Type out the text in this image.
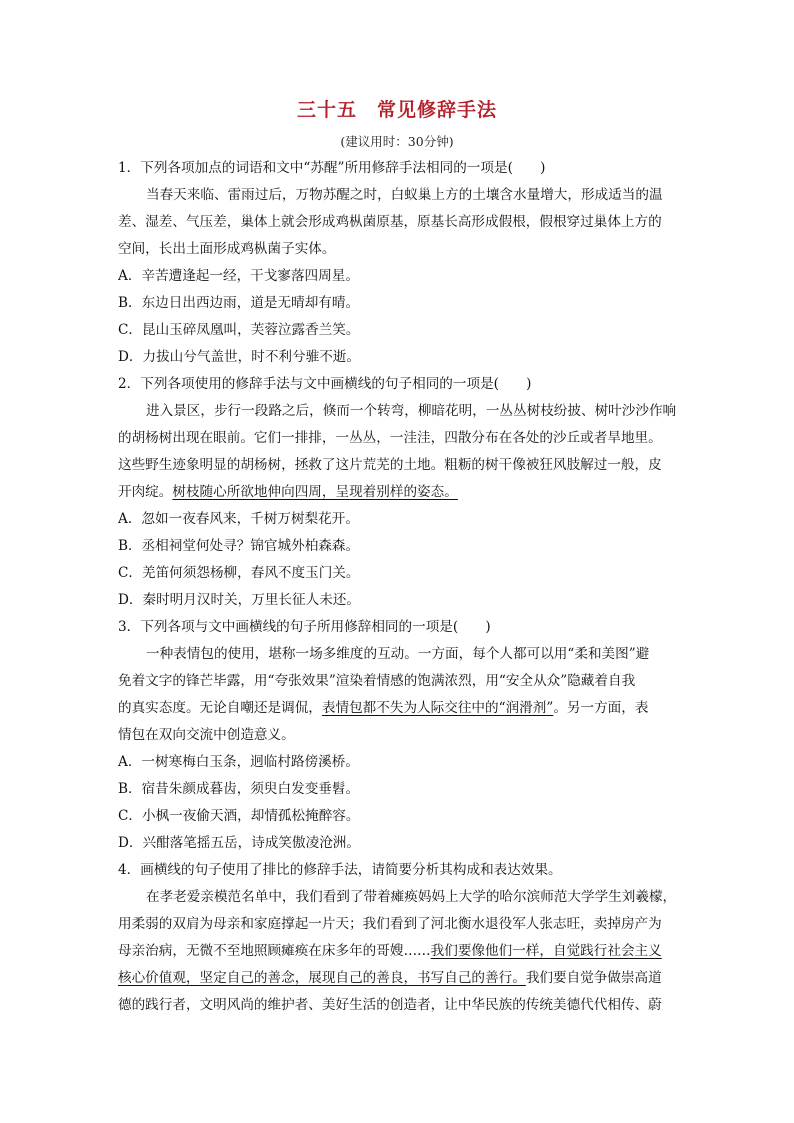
三十五　常见修辞手法
(建议用时：30分钟)
1．下列各项加点的词语和文中“苏醒”所用修辞手法相同的一项是(　　)
当春天来临、雷雨过后，万物苏醒之时，白蚁巢上方的土壤含水量增大，形成适当的温
差、湿差、气压差，巢体上就会形成鸡枞菌原基，原基长高形成假根，假根穿过巢体上方的
空间，长出土面形成鸡枞菌子实体。
A．辛苦遭逢起一经，干戈寥落四周星。
B．东边日出西边雨，道是无晴却有晴。
C．昆山玉碎凤凰叫，芙蓉泣露香兰笑。
D．力拔山兮气盖世，时不利兮骓不逝。
2．下列各项使用的修辞手法与文中画横线的句子相同的一项是(　　)
进入景区，步行一段路之后，倏而一个转弯，柳暗花明，一丛丛树枝纷披、树叶沙沙作响
的胡杨树出现在眼前。它们一排排，一丛丛，一洼洼，四散分布在各处的沙丘或者旱地里。
这些野生迹象明显的胡杨树，拯救了这片荒芜的土地。粗粝的树干像被狂风肢解过一般，皮
开肉绽。树枝随心所欲地伸向四周，呈现着别样的姿态。
A．忽如一夜春风来，千树万树梨花开。
B．丞相祠堂何处寻？锦官城外柏森森。
C．羌笛何须怨杨柳，春风不度玉门关。
D．秦时明月汉时关，万里长征人未还。
3．下列各项与文中画横线的句子所用修辞相同的一项是(　　)
一种表情包的使用，堪称一场多维度的互动。一方面，每个人都可以用“柔和美图”避
免着文字的锋芒毕露，用“夸张效果”渲染着情感的饱满浓烈，用“安全从众”隐藏着自我
的真实态度。无论自嘲还是调侃，表情包都不失为人际交往中的“润滑剂”。另一方面，表
情包在双向交流中创造意义。
A．一树寒梅白玉条，迥临村路傍溪桥。
B．宿昔朱颜成暮齿，须臾白发变垂髫。
C．小枫一夜偷天酒，却情孤松掩醉容。
D．兴酣落笔摇五岳，诗成笑傲凌沧洲。
4．画横线的句子使用了排比的修辞手法，请简要分析其构成和表达效果。
在孝老爱亲模范名单中，我们看到了带着瘫痪妈妈上大学的哈尔滨师范大学学生刘羲檬，
用柔弱的双肩为母亲和家庭撑起一片天；我们看到了河北衡水退役军人张志旺，卖掉房产为
母亲治病，无微不至地照顾瘫痪在床多年的哥嫂……我们要像他们一样，自觉践行社会主义
核心价值观，坚定自己的善念，展现自己的善良，书写自己的善行。我们要自觉争做崇高道
德的践行者，文明风尚的维护者、美好生活的创造者，让中华民族的传统美德代代相传、蔚
